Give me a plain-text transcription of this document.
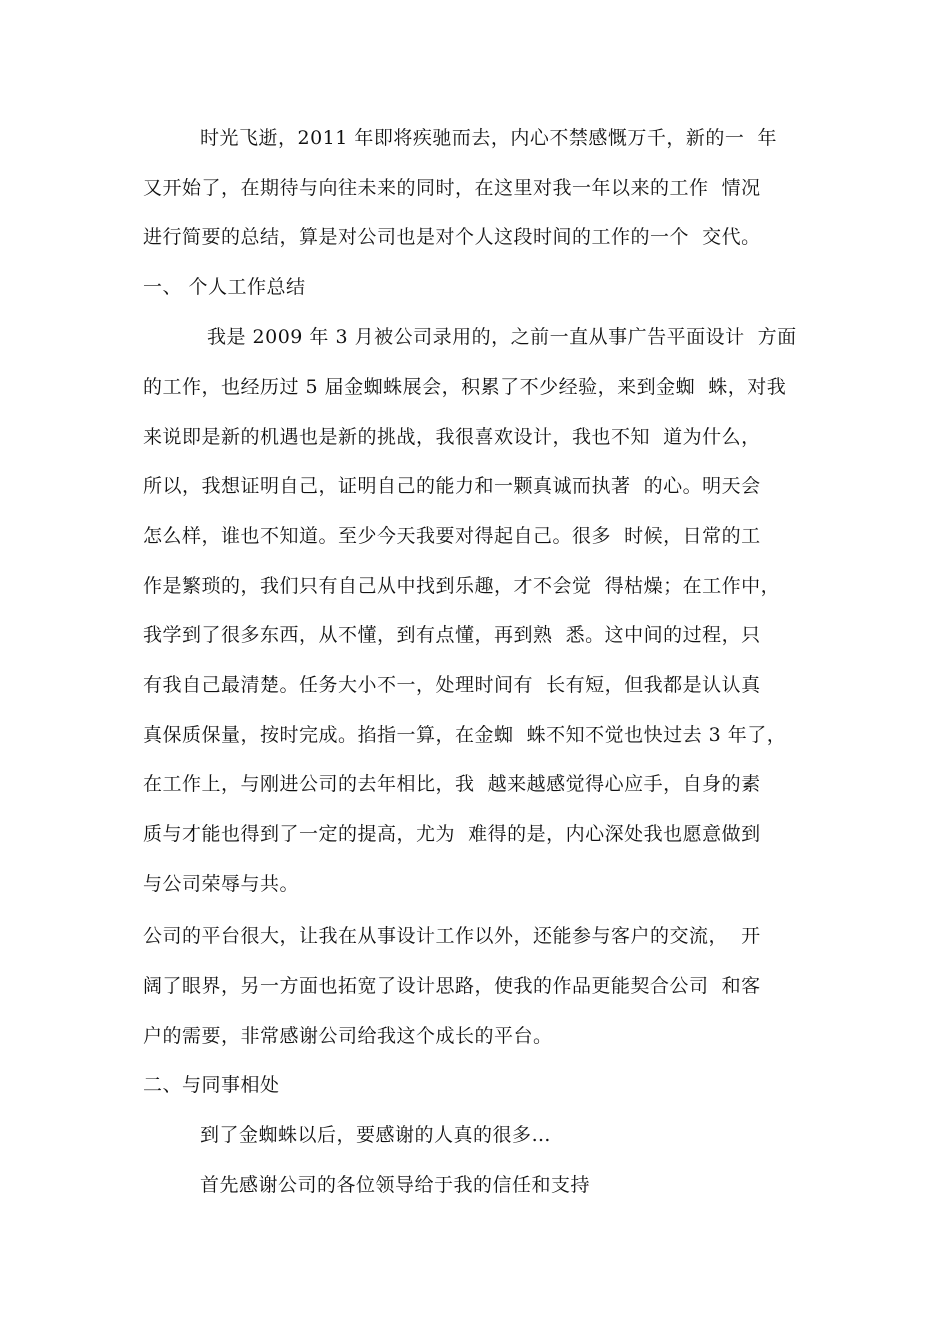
时光飞逝，2011 年即将疾驰而去，内心不禁感慨万千，新的一  年
又开始了，在期待与向往未来的同时，在这里对我一年以来的工作  情况
进行简要的总结，算是对公司也是对个人这段时间的工作的一个  交代。
一、 个人工作总结
我是 2009 年 3 月被公司录用的，之前一直从事广告平面设计  方面
的工作，也经历过 5 届金蜘蛛展会，积累了不少经验，来到金蜘  蛛，对我
来说即是新的机遇也是新的挑战，我很喜欢设计，我也不知  道为什么，
所以，我想证明自己，证明自己的能力和一颗真诚而执著  的心。明天会
怎么样，谁也不知道。至少今天我要对得起自己。很多  时候，日常的工
作是繁琐的，我们只有自己从中找到乐趣，才不会觉  得枯燥；在工作中，
我学到了很多东西，从不懂，到有点懂，再到熟  悉。这中间的过程，只
有我自己最清楚。任务大小不一，处理时间有  长有短，但我都是认认真
真保质保量，按时完成。掐指一算，在金蜘  蛛不知不觉也快过去 3 年了，
在工作上，与刚进公司的去年相比，我  越来越感觉得心应手，自身的素
质与才能也得到了一定的提高，尤为  难得的是，内心深处我也愿意做到
与公司荣辱与共。
公司的平台很大，让我在从事设计工作以外，还能参与客户的交流，  开
阔了眼界，另一方面也拓宽了设计思路，使我的作品更能契合公司  和客
户的需要，非常感谢公司给我这个成长的平台。
二、与同事相处
到了金蜘蛛以后，要感谢的人真的很多…
首先感谢公司的各位领导给于我的信任和支持
